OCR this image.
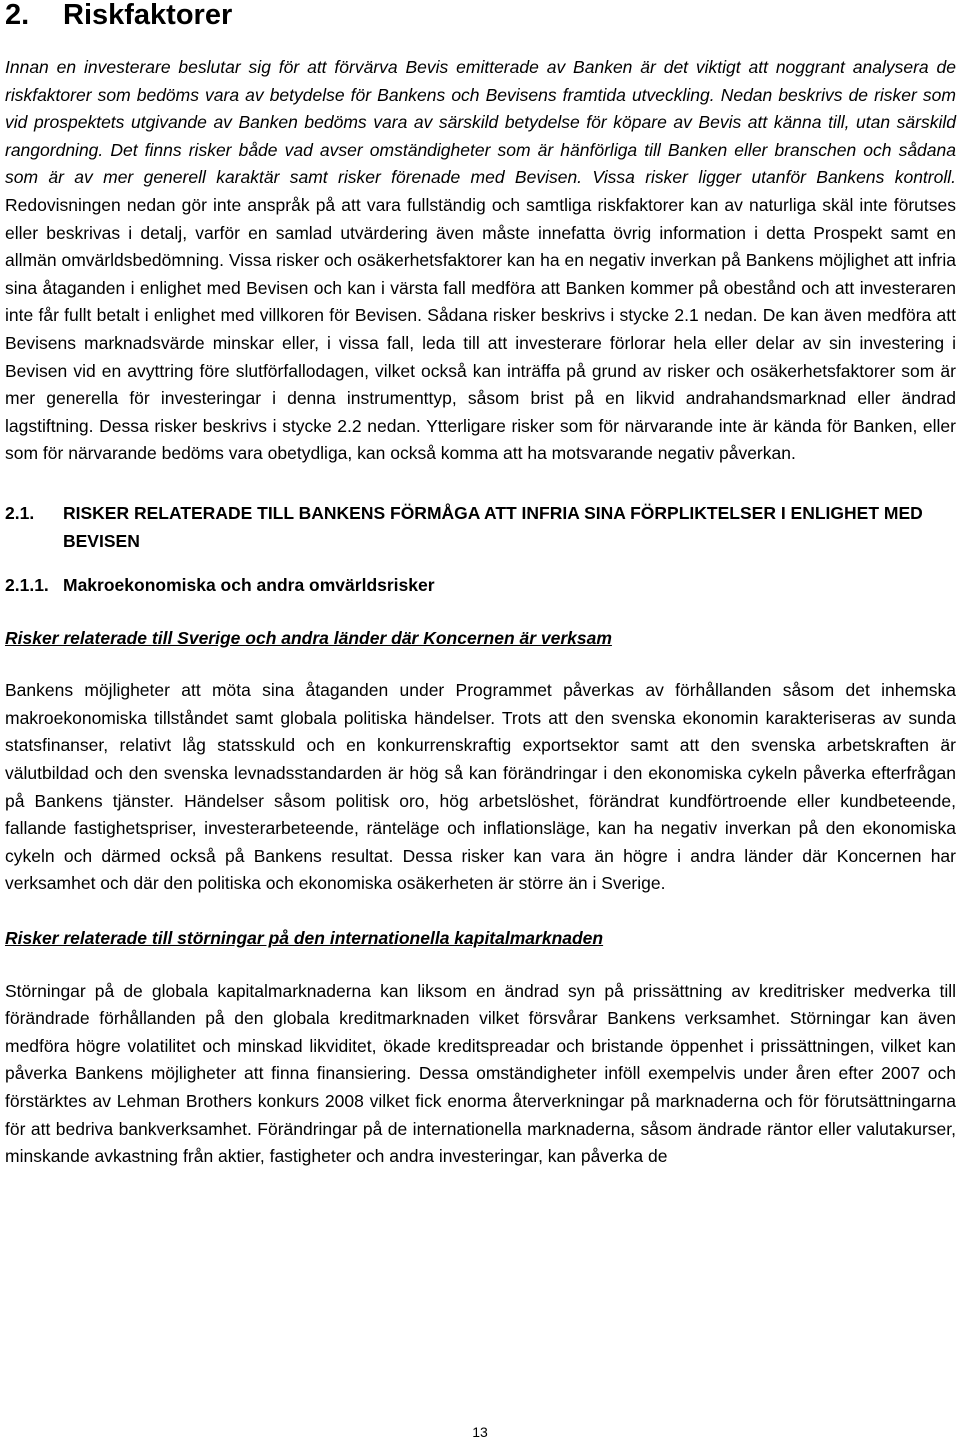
2.	Riskfaktorer

Innan en investerare beslutar sig för att förvärva Bevis emitterade av Banken är det viktigt att noggrant analysera de riskfaktorer som bedöms vara av betydelse för Bankens och Bevisens framtida utveckling. Nedan beskrivs de risker som vid prospektets utgivande av Banken bedöms vara av särskild betydelse för köpare av Bevis att känna till, utan särskild rangordning. Det finns risker både vad avser omständigheter som är hänförliga till Banken eller branschen och sådana som är av mer generell karaktär samt risker förenade med Bevisen. Vissa risker ligger utanför Bankens kontroll. Redovisningen nedan gör inte anspråk på att vara fullständig och samtliga riskfaktorer kan av naturliga skäl inte förutses eller beskrivas i detalj, varför en samlad utvärdering även måste innefatta övrig information i detta Prospekt samt en allmän omvärldsbedömning. Vissa risker och osäkerhetsfaktorer kan ha en negativ inverkan på Bankens möjlighet att infria sina åtaganden i enlighet med Bevisen och kan i värsta fall medföra att Banken kommer på obestånd och att investeraren inte får fullt betalt i enlighet med villkoren för Bevisen. Sådana risker beskrivs i stycke 2.1 nedan. De kan även medföra att Bevisens marknadsvärde minskar eller, i vissa fall, leda till att investerare förlorar hela eller delar av sin investering i Bevisen vid en avyttring före slutförfallodagen, vilket också kan inträffa på grund av risker och osäkerhetsfaktorer som är mer generella för investeringar i denna instrumenttyp, såsom brist på en likvid andrahandsmarknad eller ändrad lagstiftning. Dessa risker beskrivs i stycke 2.2 nedan. Ytterligare risker som för närvarande inte är kända för Banken, eller som för närvarande bedöms vara obetydliga, kan också komma att ha motsvarande negativ påverkan.

2.1.	RISKER RELATERADE TILL BANKENS FÖRMÅGA ATT INFRIA SINA FÖRPLIKTELSER I ENLIGHET MED BEVISEN
2.1.1. Makroekonomiska och andra omvärldsrisker
Risker relaterade till Sverige och andra länder där Koncernen är verksam

Bankens möjligheter att möta sina åtaganden under Programmet påverkas av förhållanden såsom det inhemska makroekonomiska tillståndet samt globala politiska händelser. Trots att den svenska ekonomin karakteriseras av sunda statsfinanser, relativt låg statsskuld och en konkurrenskraftig exportsektor samt att den svenska arbetskraften är välutbildad och den svenska levnadsstandarden är hög så kan förändringar i den ekonomiska cykeln påverka efterfrågan på Bankens tjänster. Händelser såsom politisk oro, hög arbetslöshet, förändrat kundförtroende eller kundbeteende, fallande fastighetspriser, investerarbeteende, ränteläge och inflationsläge, kan ha negativ inverkan på den ekonomiska cykeln och därmed också på Bankens resultat. Dessa risker kan vara än högre i andra länder där Koncernen har verksamhet och där den politiska och ekonomiska osäkerheten är större än i Sverige.

Risker relaterade till störningar på den internationella kapitalmarknaden

Störningar på de globala kapitalmarknaderna kan liksom en ändrad syn på prissättning av kreditrisker medverka till förändrade förhållanden på den globala kreditmarknaden vilket försvårar Bankens verksamhet. Störningar kan även medföra högre volatilitet och minskad likviditet, ökade kreditspreadar och bristande öppenhet i prissättningen, vilket kan påverka Bankens möjligheter att finna finansiering. Dessa omständigheter inföll exempelvis under åren efter 2007 och förstärktes av Lehman Brothers konkurs 2008 vilket fick enorma återverkningar på marknaderna och för förutsättningarna för att bedriva bankverksamhet. Förändringar på de internationella marknaderna, såsom ändrade räntor eller valutakurser, minskande avkastning från aktier, fastigheter och andra investeringar, kan påverka de

13
